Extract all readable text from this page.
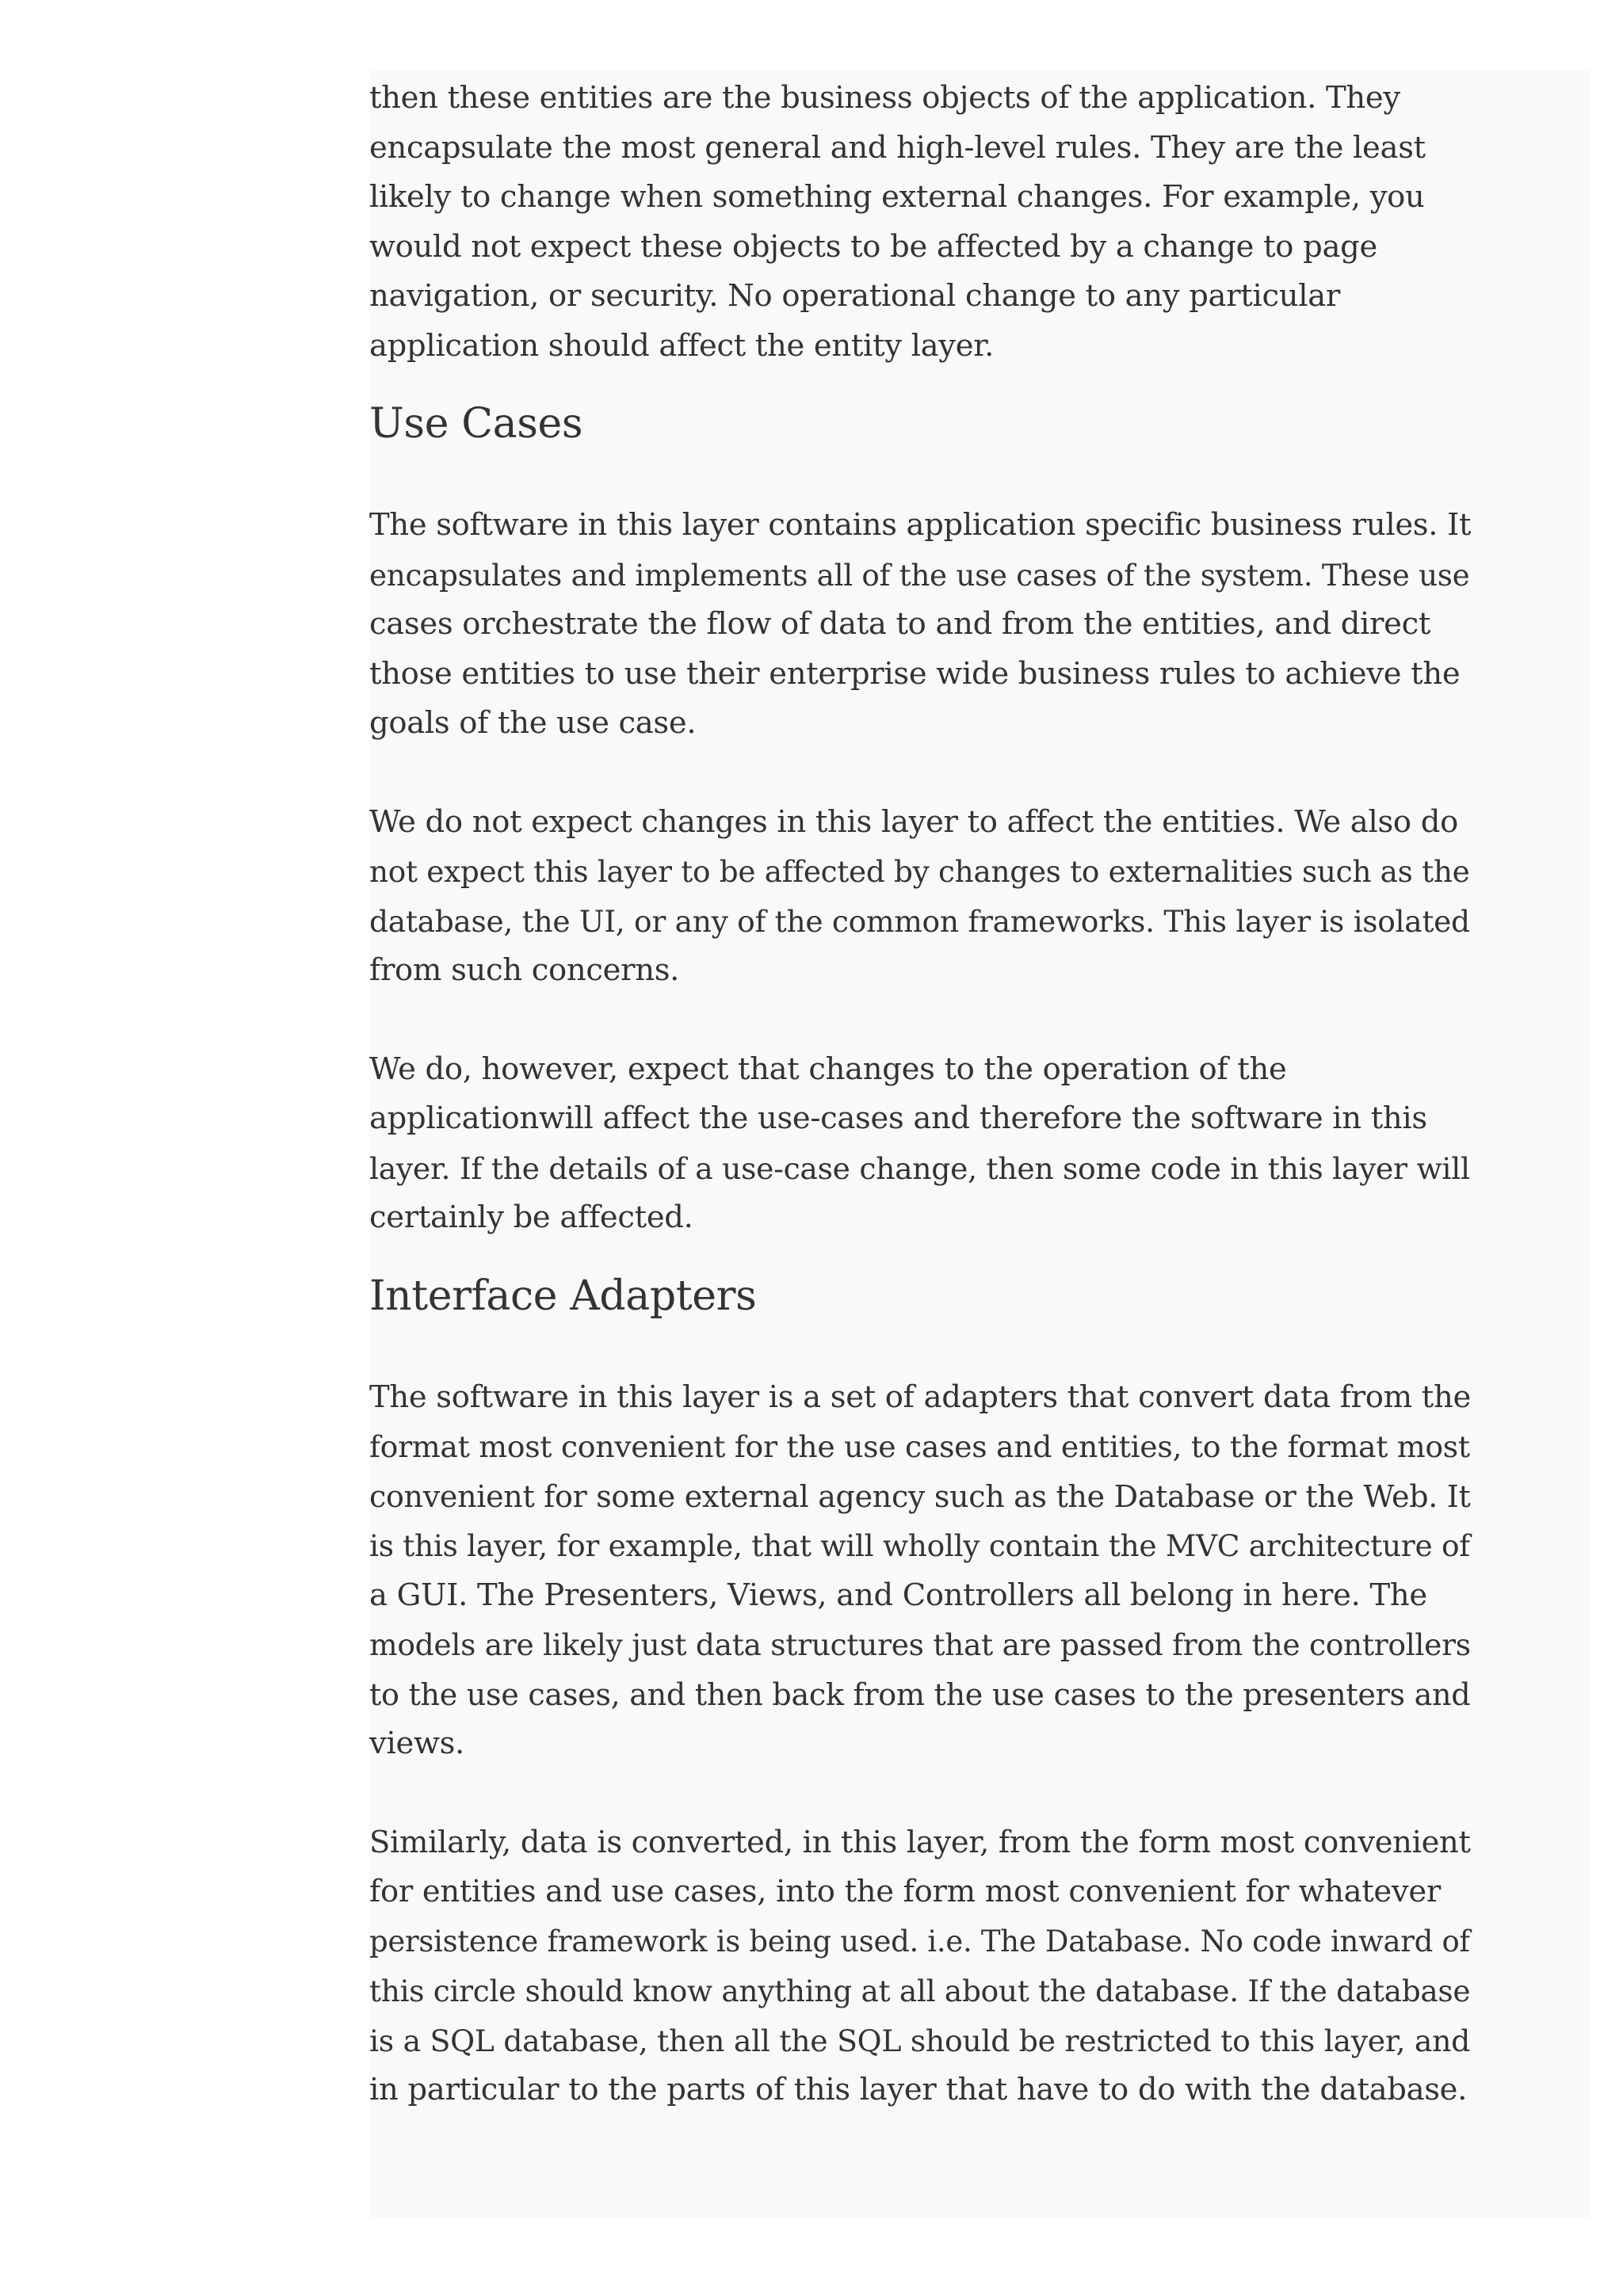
then these entities are the business objects of the application. They
encapsulate the most general and high-level rules. They are the least
likely to change when something external changes. For example, you
would not expect these objects to be affected by a change to page
navigation, or security. No operational change to any particular
application should affect the entity layer.

Use Cases

The software in this layer contains application specific business rules. It
encapsulates and implements all of the use cases of the system. These use
cases orchestrate the flow of data to and from the entities, and direct
those entities to use their enterprise wide business rules to achieve the
goals of the use case.

We do not expect changes in this layer to affect the entities. We also do
not expect this layer to be affected by changes to externalities such as the
database, the UI, or any of the common frameworks. This layer is isolated
from such concerns.

We do, however, expect that changes to the operation of the
applicationwill affect the use-cases and therefore the software in this
layer. If the details of a use-case change, then some code in this layer will
certainly be affected.

Interface Adapters

The software in this layer is a set of adapters that convert data from the
format most convenient for the use cases and entities, to the format most
convenient for some external agency such as the Database or the Web. It
is this layer, for example, that will wholly contain the MVC architecture of
a GUI. The Presenters, Views, and Controllers all belong in here. The
models are likely just data structures that are passed from the controllers
to the use cases, and then back from the use cases to the presenters and
views.

Similarly, data is converted, in this layer, from the form most convenient
for entities and use cases, into the form most convenient for whatever
persistence framework is being used. i.e. The Database. No code inward of
this circle should know anything at all about the database. If the database
is a SQL database, then all the SQL should be restricted to this layer, and
in particular to the parts of this layer that have to do with the database.
